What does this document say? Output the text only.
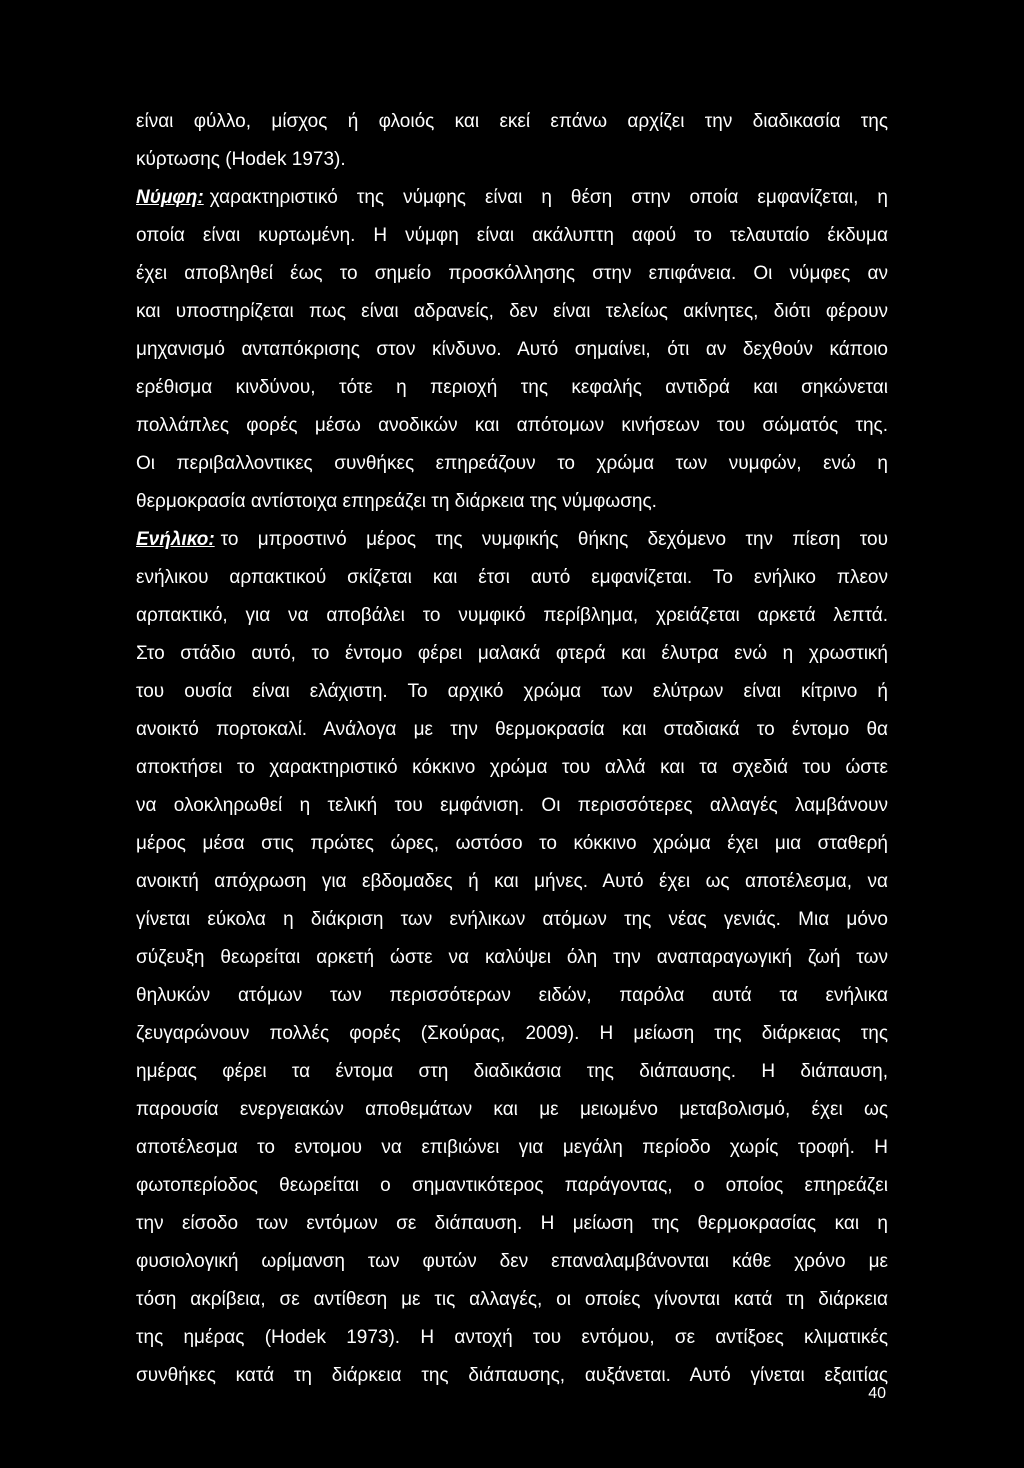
είναι φύλλο, μίσχος ή φλοιός και εκεί επάνω αρχίζει την διαδικασία της
κύρτωσης (Hodek 1973).
Νύμφη: χαρακτηριστικό της νύμφης είναι η θέση στην οποία εμφανίζεται, η
οποία είναι κυρτωμένη. Η νύμφη είναι ακάλυπτη αφού το τελαυταίο έκδυμα
έχει αποβληθεί έως το σημείο προσκόλλησης στην επιφάνεια. Οι νύμφες αν
και υποστηρίζεται πως είναι αδρανείς, δεν είναι τελείως ακίνητες, διότι φέρουν
μηχανισμό ανταπόκρισης στον κίνδυνο. Αυτό σημαίνει, ότι αν δεχθούν κάποιο
ερέθισμα κινδύνου, τότε η περιοχή της κεφαλής αντιδρά και σηκώνεται
πολλάπλες φορές μέσω ανοδικών και απότομων κινήσεων του σώματός της.
Οι περιβαλλοντικες συνθήκες επηρεάζουν το χρώμα των νυμφών, ενώ η
θερμοκρασία αντίστοιχα επηρεάζει τη διάρκεια της νύμφωσης.
Ενήλικο: το μπροστινό μέρος της νυμφικής θήκης δεχόμενο την πίεση του
ενήλικου αρπακτικού σκίζεται και έτσι αυτό εμφανίζεται. Το ενήλικο πλεον
αρπακτικό, για να αποβάλει το νυμφικό περίβλημα, χρειάζεται αρκετά λεπτά.
Στο στάδιο αυτό, το έντομο φέρει μαλακά φτερά και έλυτρα ενώ η χρωστική
του ουσία είναι ελάχιστη. Το αρχικό χρώμα των ελύτρων είναι κίτρινο ή
ανοικτό πορτοκαλί. Ανάλογα με την θερμοκρασία και σταδιακά το έντομο θα
αποκτήσει το χαρακτηριστικό κόκκινο χρώμα του αλλά και τα σχεδιά του ώστε
να ολοκληρωθεί η τελική του εμφάνιση. Οι περισσότερες αλλαγές λαμβάνουν
μέρος μέσα στις πρώτες ώρες, ωστόσο το κόκκινο χρώμα έχει μια σταθερή
ανοικτή απόχρωση για εβδομαδες ή και μήνες. Αυτό έχει ως αποτέλεσμα, να
γίνεται εύκολα η διάκριση των ενήλικων ατόμων της νέας γενιάς. Μια μόνο
σύζευξη θεωρείται αρκετή ώστε να καλύψει όλη την αναπαραγωγική ζωή των
θηλυκών ατόμων των περισσότερων ειδών, παρόλα αυτά τα ενήλικα
ζευγαρώνουν πολλές φορές (Σκούρας, 2009). Η μείωση της διάρκειας της
ημέρας φέρει τα έντομα στη διαδικάσια της διάπαυσης. Η διάπαυση,
παρουσία ενεργειακών αποθεμάτων και με μειωμένο μεταβολισμό, έχει ως
αποτέλεσμα το εντομου να επιβιώνει για μεγάλη περίοδο χωρίς τροφή. Η
φωτοπερίοδος θεωρείται ο σημαντικότερος παράγοντας, ο οποίος επηρεάζει
την είσοδο των εντόμων σε διάπαυση. Η μείωση της θερμοκρασίας και η
φυσιολογική ωρίμανση των φυτών δεν επαναλαμβάνονται κάθε χρόνο με
τόση ακρίβεια, σε αντίθεση με τις αλλαγές, οι οποίες γίνονται κατά τη διάρκεια
της ημέρας (Hodek 1973). Η αντοχή του εντόμου, σε αντίξοες κλιματικές
συνθήκες κατά τη διάρκεια της διάπαυσης, αυξάνεται. Αυτό γίνεται εξαιτίας
40
